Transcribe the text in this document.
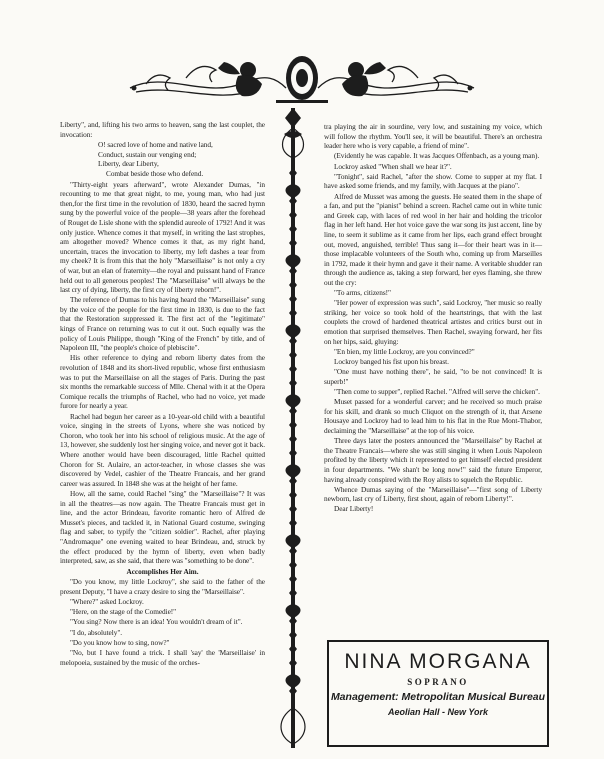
Liberty", and, lifting his two arms to heaven, sang the last couplet, the invocation:

O! sacred love of home and native land,
Conduct, sustain our venging end;
Liberty, dear Liberty,
Combat beside those who defend.

"Thirty-eight years afterward", wrote Alexander Dumas, "in recounting to me that great night, to me, young man, who had just then,for the first time in the revolution of 1830, heard the sacred hymn sung by the powerful voice of the people—38 years after the forehead of Rouget de Lisle shone with the splendid aureole of 1792! And it was only justice. Whence comes it that myself, in writing the last strophes, am altogether moved? Whence comes it that, as my right hand, uncertain, traces the invocation to liberty, my left dashes a tear from my cheek? It is from this that the holy "Marseillaise" is not only a cry of war, but an elan of fraternity—the royal and puissant hand of France held out to all generous peoples! The "Marseillaise" will always be the last cry of dying, liberty, the first cry of liberty reborn!".

The reference of Dumas to his having heard the "Marseillaise" sung by the voice of the people for the first time in 1830, is due to the fact that the Restoration suppressed it. The first act of the "legitimate" kings of France on returning was to cut it out. Such equally was the policy of Louis Philippe, though "King of the French" by title, and of Napoleon III, "the people's choice of plebiscite".

His other reference to dying and reborn liberty dates from the revolution of 1848 and its short-lived republic, whose first enthusiasm was to put the Marseillaise on all the stages of Paris. During the past six months the remarkable success of Mlle. Chenal with it at the Opera Comique recalls the triumphs of Rachel, who had no voice, yet made furore for nearly a year.

Rachel had begun her career as a 10-year-old child with a beautiful voice, singing in the streets of Lyons, where she was noticed by Choron, who took her into his school of religious music. At the age of 13, however, she suddenly lost her singing voice, and never got it back. Where another would have been discouraged, little Rachel quitted Choron for St. Aulaire, an actor-teacher, in whose classes she was discovered by Vedel, cashier of the Theatre Francais, and her grand career was assured. In 1848 she was at the height of her fame.

How, all the same, could Rachel "sing" the "Marseillaise"? It was in all the theatres—as now again. The Theatre Francais must get in line, and the actor Brindeau, favorite romantic hero of Alfred de Musset's pieces, and tackled it, in National Guard costume, swinging flag and saber, to typify the "citizen soldier". Rachel, after playing "Andromaque" one evening waited to hear Brindeau, and, struck by the effect produced by the hymn of liberty, even when badly interpreted, saw, as she said, that there was "something to be done".

Accomplishes Her Aim.

"Do you know, my little Lockroy", she said to the father of the present Deputy, "I have a crazy desire to sing the "Marseillaise".

"Where?" asked Lockroy.

"Here, on the stage of the Comedie!"

"You sing? Now there is an idea! You wouldn't dream of it".

"I do, absolutely".

"Do you know how to sing, now?"

"No, but I have found a trick. I shall 'say' the 'Marseillaise' in melopoeia, sustained by the music of the orches-

tra playing the air in sourdine, very low, and sustaining my voice, which will follow the rhythm. You'll see, it will be beautiful. There's an orchestra leader here who is very capable, a friend of mine".

(Evidently he was capable. It was Jacques Offenbach, as a young man).

Lockroy asked "When shall we hear it?".

"Tonight", said Rachel, "after the show. Come to supper at my flat. I have asked some friends, and my family, with Jacques at the piano".

Alfred de Musset was among the guests. He seated them in the shape of a fan, and put the "pianist" behind a screen. Rachel came out in white tunic and Greek cap, with laces of red wool in her hair and holding the tricolor flag in her left hand. Her hot voice gave the war song its just accent, line by line, to seem it sublime as it came from her lips, each grand effect brought out, moved, anguished, terrible! Thus sang it—for their heart was in it—those implacable volunteers of the South who, coming up from Marseilles in 1792, made it their hymn and gave it their name. A veritable shudder ran through the audience as, taking a step forward, her eyes flaming, she threw out the cry:

"To arms, citizens!"

"Her power of expression was such", said Lockroy, "her music so really striking, her voice so took hold of the heartstrings, that with the last couplets the crowd of hardened theatrical artistes and critics burst out in emotion that surprised themselves. Then Rachel, swaying forward, her fits on her hips, said, gluying:

"En bien, my little Lockroy, are you convinced?"

Lockroy banged his fist upon his breast.

"One must have nothing there", he said, "to be not convinced! It is superb!"

"Then come to supper", replied Rachel. "Alfred will serve the chicken".

Muset passed for a wonderful carver; and he received so much praise for his skill, and drank so much Cliquot on the strength of it, that Arsene Housaye and Lockroy had to lead him to his flat in the Rue Mont-Thabor, declaiming the "Marseillaise" at the top of his voice.

Three days later the posters announced the "Marseillaise" by Rachel at the Theatre Francais—where she was still singing it when Louis Napoleon profited by the liberty which it represented to get himself elected president in four departments. "We shan't be long now!" said the future Emperor, having already conspired with the Roy alists to squelch the Republic.

Whence Dumas saying of the "Marseillaise"—"first song of Liberty newborn, last cry of Liberty, first shout, again of reborn Liberty!".

Dear Liberty!

NINA MORGANA
SOPRANO
Management: Metropolitan Musical Bureau
Aeolian Hall - New York
